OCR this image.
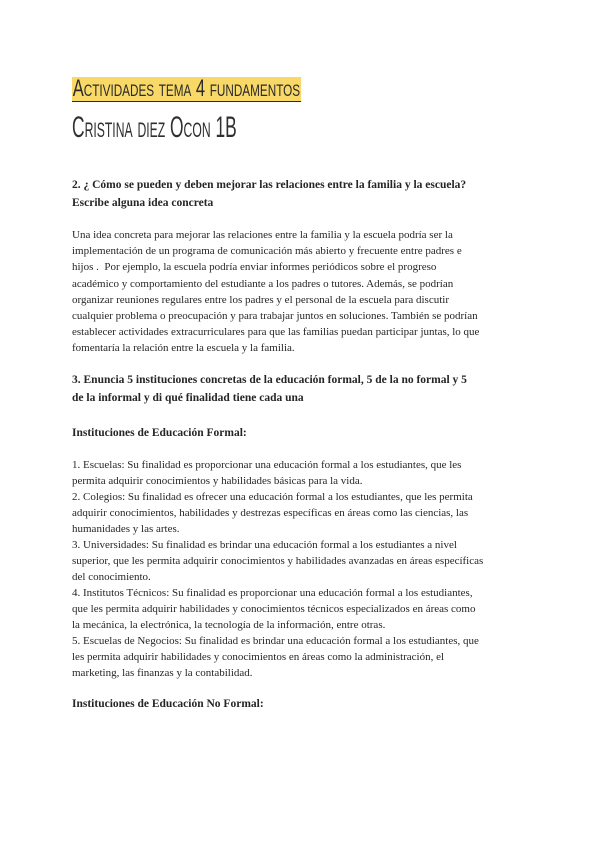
Actividades tema 4 fundamentos
Cristina diez Ocon 1B
2. ¿ Cómo se pueden y deben mejorar las relaciones entre la familia y la escuela?
Escribe alguna idea concreta
Una idea concreta para mejorar las relaciones entre la familia y la escuela podría ser la
implementación de un programa de comunicación más abierto y frecuente entre padres e
hijos .  Por ejemplo, la escuela podría enviar informes periódicos sobre el progreso
académico y comportamiento del estudiante a los padres o tutores. Además, se podrían
organizar reuniones regulares entre los padres y el personal de la escuela para discutir
cualquier problema o preocupación y para trabajar juntos en soluciones. También se podrían
establecer actividades extracurriculares para que las familias puedan participar juntas, lo que
fomentaría la relación entre la escuela y la familia.
3. Enuncia 5 instituciones concretas de la educación formal, 5 de la no formal y 5
de la informal y di qué finalidad tiene cada una
Instituciones de Educación Formal:
1. Escuelas: Su finalidad es proporcionar una educación formal a los estudiantes, que les
permita adquirir conocimientos y habilidades básicas para la vida.
2. Colegios: Su finalidad es ofrecer una educación formal a los estudiantes, que les permita
adquirir conocimientos, habilidades y destrezas específicas en áreas como las ciencias, las
humanidades y las artes.
3. Universidades: Su finalidad es brindar una educación formal a los estudiantes a nivel
superior, que les permita adquirir conocimientos y habilidades avanzadas en áreas específicas
del conocimiento.
4. Institutos Técnicos: Su finalidad es proporcionar una educación formal a los estudiantes,
que les permita adquirir habilidades y conocimientos técnicos especializados en áreas como
la mecánica, la electrónica, la tecnología de la información, entre otras.
5. Escuelas de Negocios: Su finalidad es brindar una educación formal a los estudiantes, que
les permita adquirir habilidades y conocimientos en áreas como la administración, el
marketing, las finanzas y la contabilidad.
Instituciones de Educación No Formal:
